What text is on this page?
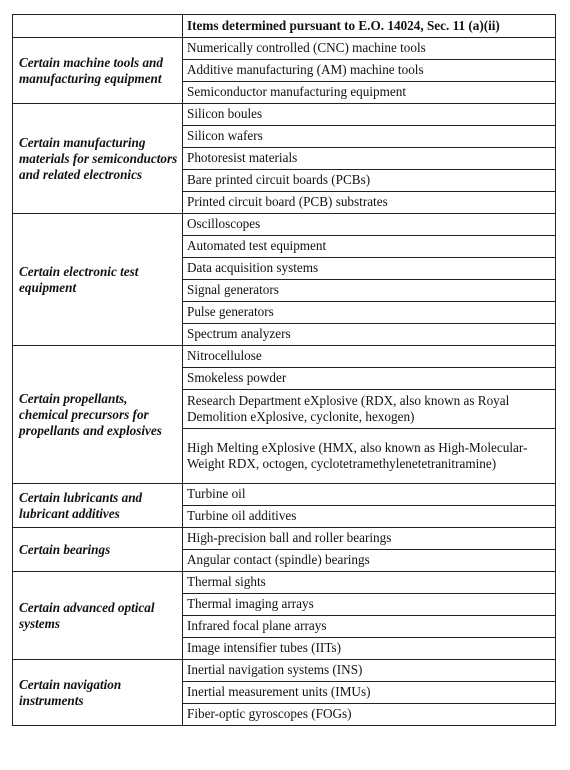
	Items determined pursuant to E.O. 14024, Sec. 11 (a)(ii)
Certain machine tools and manufacturing equipment	Numerically controlled (CNC) machine tools
	Additive manufacturing (AM) machine tools
	Semiconductor manufacturing equipment
Certain manufacturing materials for semiconductors and related electronics	Silicon boules
	Silicon wafers
	Photoresist materials
	Bare printed circuit boards (PCBs)
	Printed circuit board (PCB) substrates
Certain electronic test equipment	Oscilloscopes
	Automated test equipment
	Data acquisition systems
	Signal generators
	Pulse generators
	Spectrum analyzers
Certain propellants, chemical precursors for propellants and explosives	Nitrocellulose
	Smokeless powder
	Research Department eXplosive (RDX, also known as Royal Demolition eXplosive, cyclonite, hexogen)
	High Melting eXplosive (HMX, also known as High-Molecular-Weight RDX, octogen, cyclotetramethylenetetranitramine)
Certain lubricants and lubricant additives	Turbine oil
	Turbine oil additives
Certain bearings	High-precision ball and roller bearings
	Angular contact (spindle) bearings
Certain advanced optical systems	Thermal sights
	Thermal imaging arrays
	Infrared focal plane arrays
	Image intensifier tubes (IITs)
Certain navigation instruments	Inertial navigation systems (INS)
	Inertial measurement units (IMUs)
	Fiber-optic gyroscopes (FOGs)
